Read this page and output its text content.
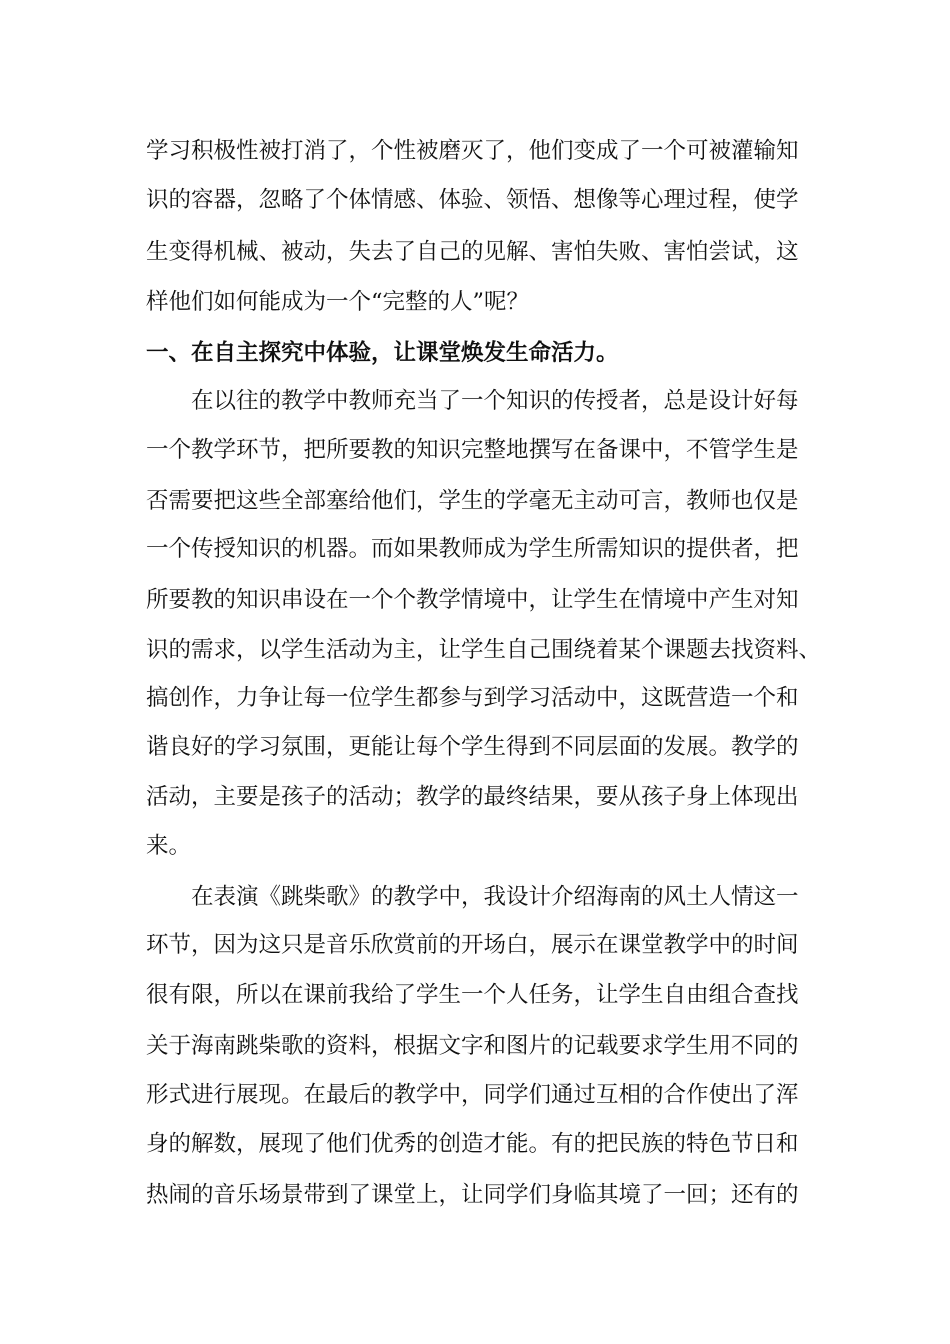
学习积极性被打消了，个性被磨灭了，他们变成了一个可被灌输知
识的容器，忽略了个体情感、体验、领悟、想像等心理过程，使学
生变得机械、被动，失去了自己的见解、害怕失败、害怕尝试，这
样他们如何能成为一个“完整的人”呢？
一、在自主探究中体验，让课堂焕发生命活力。
在以往的教学中教师充当了一个知识的传授者，总是设计好每
一个教学环节，把所要教的知识完整地撰写在备课中，不管学生是
否需要把这些全部塞给他们，学生的学毫无主动可言，教师也仅是
一个传授知识的机器。而如果教师成为学生所需知识的提供者，把
所要教的知识串设在一个个教学情境中，让学生在情境中产生对知
识的需求，以学生活动为主，让学生自己围绕着某个课题去找资料、
搞创作，力争让每一位学生都参与到学习活动中，这既营造一个和
谐良好的学习氛围，更能让每个学生得到不同层面的发展。教学的
活动，主要是孩子的活动；教学的最终结果，要从孩子身上体现出
来。
在表演《跳柴歌》的教学中，我设计介绍海南的风土人情这一
环节，因为这只是音乐欣赏前的开场白，展示在课堂教学中的时间
很有限，所以在课前我给了学生一个人任务，让学生自由组合查找
关于海南跳柴歌的资料，根据文字和图片的记载要求学生用不同的
形式进行展现。在最后的教学中，同学们通过互相的合作使出了浑
身的解数，展现了他们优秀的创造才能。有的把民族的特色节日和
热闹的音乐场景带到了课堂上，让同学们身临其境了一回；还有的
